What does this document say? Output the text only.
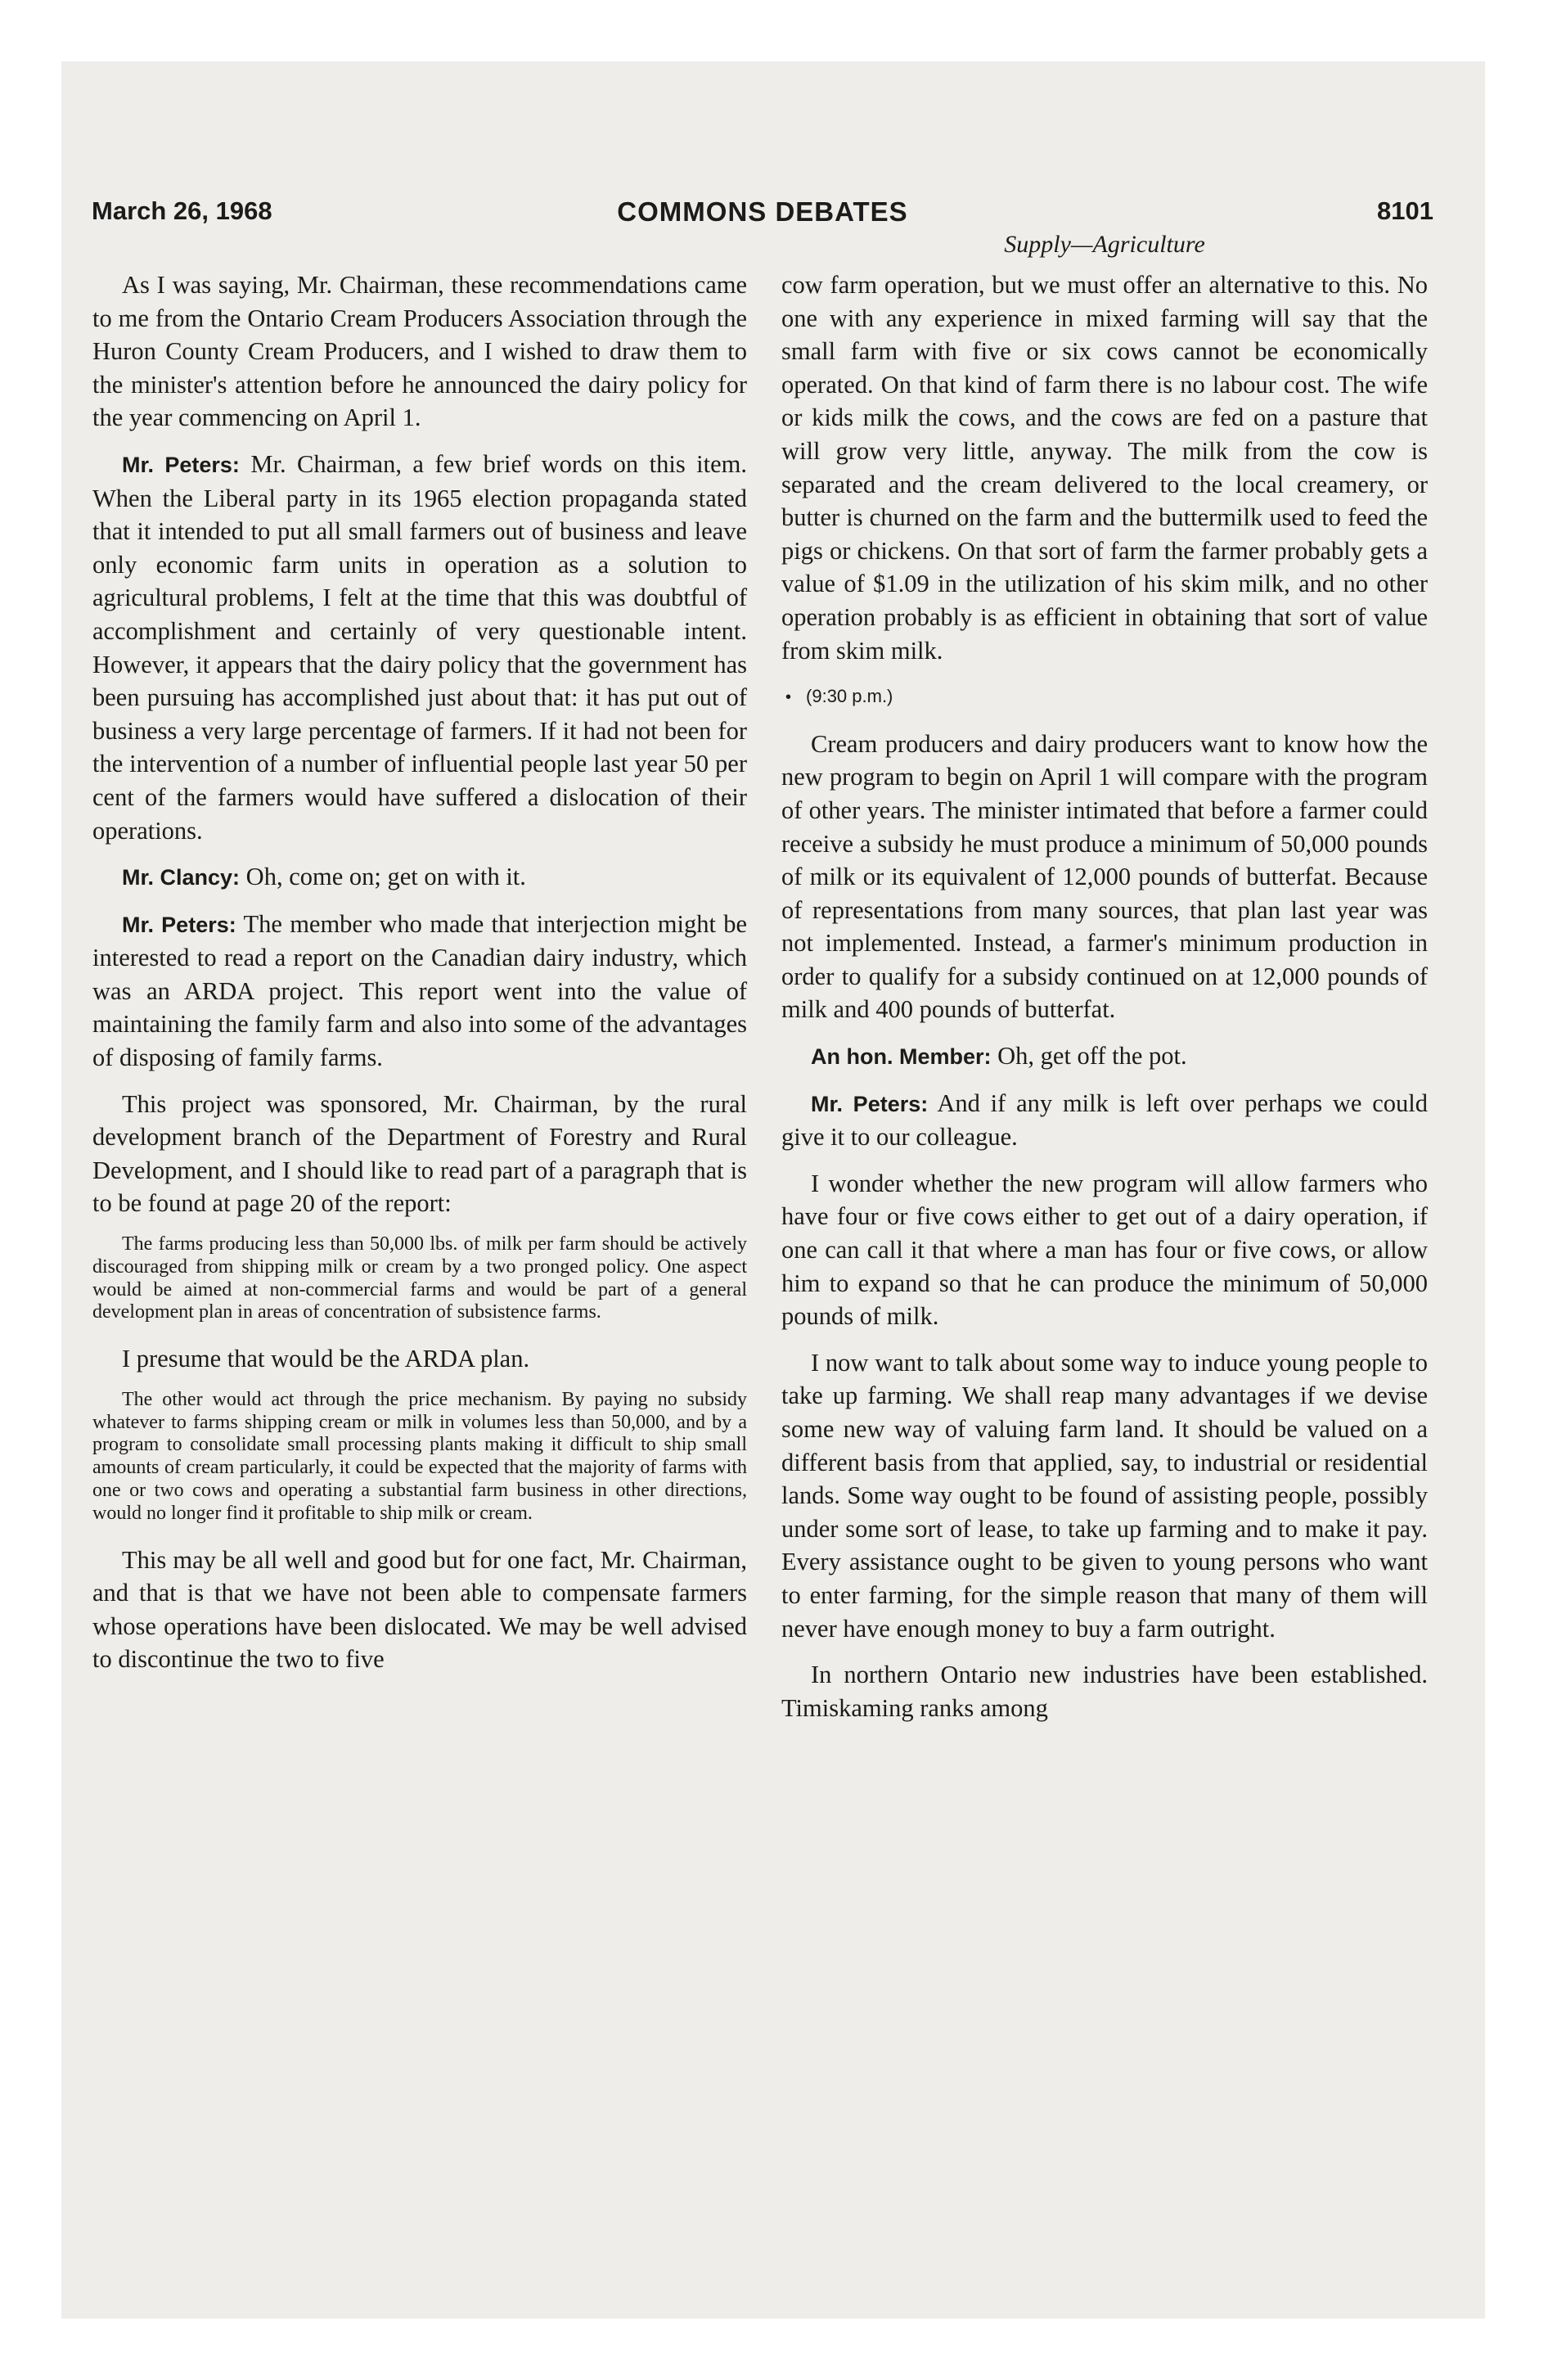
March 26, 1968	COMMONS DEBATES	8101
Supply—Agriculture

As I was saying, Mr. Chairman, these recommendations came to me from the Ontario Cream Producers Association through the Huron County Cream Producers, and I wished to draw them to the minister's attention before he announced the dairy policy for the year commencing on April 1.

Mr. Peters: Mr. Chairman, a few brief words on this item. When the Liberal party in its 1965 election propaganda stated that it intended to put all small farmers out of business and leave only economic farm units in operation as a solution to agricultural problems, I felt at the time that this was doubtful of accomplishment and certainly of very questionable intent. However, it appears that the dairy policy that the government has been pursuing has accomplished just about that: it has put out of business a very large percentage of farmers. If it had not been for the intervention of a number of influential people last year 50 per cent of the farmers would have suffered a dislocation of their operations.

Mr. Clancy: Oh, come on; get on with it.

Mr. Peters: The member who made that interjection might be interested to read a report on the Canadian dairy industry, which was an ARDA project. This report went into the value of maintaining the family farm and also into some of the advantages of disposing of family farms.

This project was sponsored, Mr. Chairman, by the rural development branch of the Department of Forestry and Rural Development, and I should like to read part of a paragraph that is to be found at page 20 of the report:

The farms producing less than 50,000 lbs. of milk per farm should be actively discouraged from shipping milk or cream by a two pronged policy. One aspect would be aimed at non-commercial farms and would be part of a general development plan in areas of concentration of subsistence farms.

I presume that would be the ARDA plan.

The other would act through the price mechanism. By paying no subsidy whatever to farms shipping cream or milk in volumes less than 50,000, and by a program to consolidate small processing plants making it difficult to ship small amounts of cream particularly, it could be expected that the majority of farms with one or two cows and operating a substantial farm business in other directions, would no longer find it profitable to ship milk or cream.

This may be all well and good but for one fact, Mr. Chairman, and that is that we have not been able to compensate farmers whose operations have been dislocated. We may be well advised to discontinue the two to five

cow farm operation, but we must offer an alternative to this. No one with any experience in mixed farming will say that the small farm with five or six cows cannot be economically operated. On that kind of farm there is no labour cost. The wife or kids milk the cows, and the cows are fed on a pasture that will grow very little, anyway. The milk from the cow is separated and the cream delivered to the local creamery, or butter is churned on the farm and the buttermilk used to feed the pigs or chickens. On that sort of farm the farmer probably gets a value of $1.09 in the utilization of his skim milk, and no other operation probably is as efficient in obtaining that sort of value from skim milk.

• (9:30 p.m.)

Cream producers and dairy producers want to know how the new program to begin on April 1 will compare with the program of other years. The minister intimated that before a farmer could receive a subsidy he must produce a minimum of 50,000 pounds of milk or its equivalent of 12,000 pounds of butterfat. Because of representations from many sources, that plan last year was not implemented. Instead, a farmer's minimum production in order to qualify for a subsidy continued on at 12,000 pounds of milk and 400 pounds of butterfat.

An hon. Member: Oh, get off the pot.

Mr. Peters: And if any milk is left over perhaps we could give it to our colleague.

I wonder whether the new program will allow farmers who have four or five cows either to get out of a dairy operation, if one can call it that where a man has four or five cows, or allow him to expand so that he can produce the minimum of 50,000 pounds of milk.

I now want to talk about some way to induce young people to take up farming. We shall reap many advantages if we devise some new way of valuing farm land. It should be valued on a different basis from that applied, say, to industrial or residential lands. Some way ought to be found of assisting people, possibly under some sort of lease, to take up farming and to make it pay. Every assistance ought to be given to young persons who want to enter farming, for the simple reason that many of them will never have enough money to buy a farm outright.

In northern Ontario new industries have been established. Timiskaming ranks among
